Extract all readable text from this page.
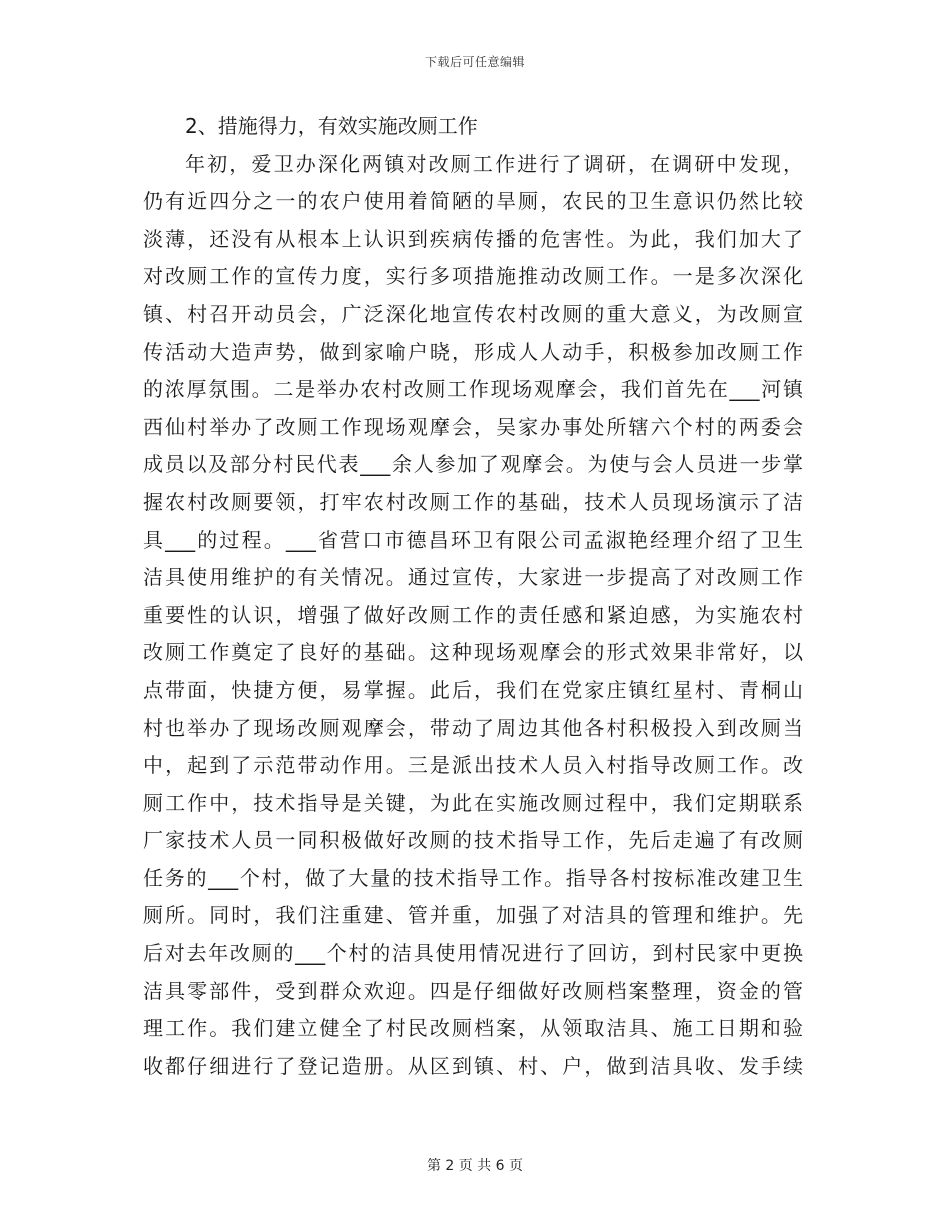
下载后可任意编辑
2、措施得力，有效实施改厕工作
年初，爱卫办深化两镇对改厕工作进行了调研，在调研中发现，
仍有近四分之一的农户使用着简陋的旱厕，农民的卫生意识仍然比较
淡薄，还没有从根本上认识到疾病传播的危害性。为此，我们加大了
对改厕工作的宣传力度，实行多项措施推动改厕工作。一是多次深化
镇、村召开动员会，广泛深化地宣传农村改厕的重大意义，为改厕宣
传活动大造声势，做到家喻户晓，形成人人动手，积极参加改厕工作
的浓厚氛围。二是举办农村改厕工作现场观摩会，我们首先在___河镇
西仙村举办了改厕工作现场观摩会，吴家办事处所辖六个村的两委会
成员以及部分村民代表___余人参加了观摩会。为使与会人员进一步掌
握农村改厕要领，打牢农村改厕工作的基础，技术人员现场演示了洁
具___的过程。___省营口市德昌环卫有限公司孟淑艳经理介绍了卫生
洁具使用维护的有关情况。通过宣传，大家进一步提高了对改厕工作
重要性的认识，增强了做好改厕工作的责任感和紧迫感，为实施农村
改厕工作奠定了良好的基础。这种现场观摩会的形式效果非常好，以
点带面，快捷方便，易掌握。此后，我们在党家庄镇红星村、青桐山
村也举办了现场改厕观摩会，带动了周边其他各村积极投入到改厕当
中，起到了示范带动作用。三是派出技术人员入村指导改厕工作。改
厕工作中，技术指导是关键，为此在实施改厕过程中，我们定期联系
厂家技术人员一同积极做好改厕的技术指导工作，先后走遍了有改厕
任务的___个村，做了大量的技术指导工作。指导各村按标准改建卫生
厕所。同时，我们注重建、管并重，加强了对洁具的管理和维护。先
后对去年改厕的___个村的洁具使用情况进行了回访，到村民家中更换
洁具零部件，受到群众欢迎。四是仔细做好改厕档案整理，资金的管
理工作。我们建立健全了村民改厕档案，从领取洁具、施工日期和验
收都仔细进行了登记造册。从区到镇、村、户，做到洁具收、发手续
第 2 页 共 6 页
